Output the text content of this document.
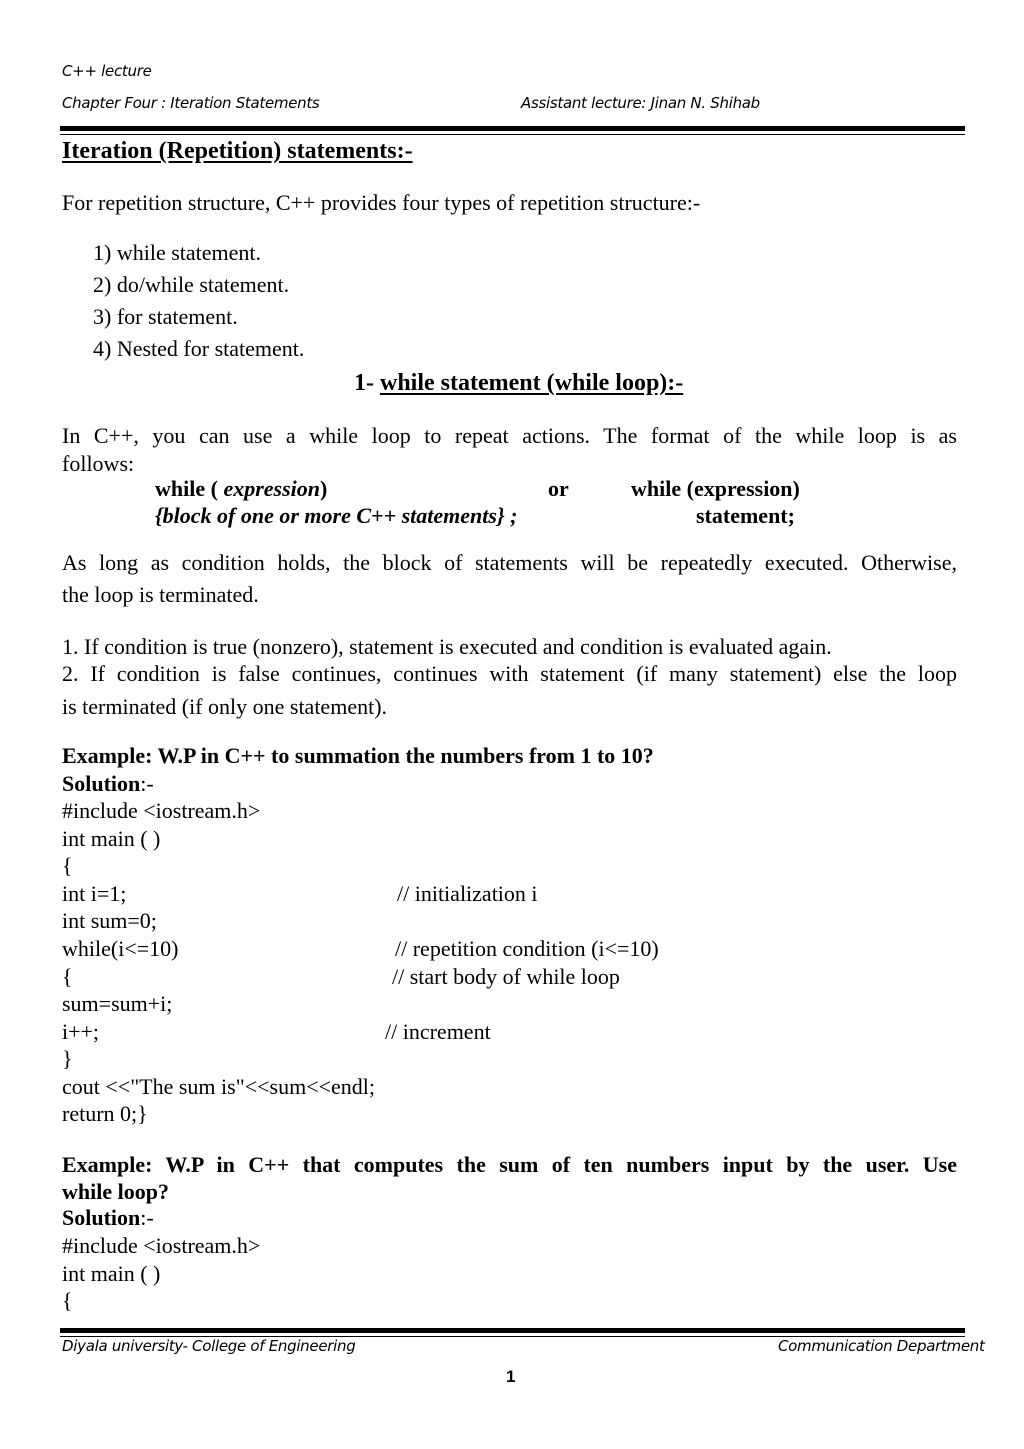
C++ lecture
Chapter Four : Iteration Statements	Assistant lecture: Jinan N. Shihab
Iteration (Repetition) statements:-
For repetition structure, C++ provides four types of repetition structure:-
1) while statement.
2) do/while statement.
3) for statement.
4) Nested for statement.
1- while statement (while loop):-
In C++, you can use a while loop to repeat actions. The format of the while loop is as
follows:
while ( expression)	or	while (expression)
{block of one or more C++ statements} ;	statement;
As long as condition holds, the block of statements will be repeatedly executed. Otherwise,
the loop is terminated.
1. If condition is true (nonzero), statement is executed and condition is evaluated again.
2. If condition is false continues, continues with statement (if many statement) else the loop
is terminated (if only one statement).
Example: W.P in C++ to summation the numbers from 1 to 10?
Solution:-
#include <iostream.h>
int main ( )
{
int i=1;	// initialization i
int sum=0;
while(i<=10)	// repetition condition (i<=10)
{	// start body of while loop
sum=sum+i;
i++;	// increment
}
cout <<"The sum is"<<sum<<endl;
return 0;}
Example: W.P in C++ that computes the sum of ten numbers input by the user. Use
while loop?
Solution:-
#include <iostream.h>
int main ( )
{
Diyala university- College of Engineering	Communication Department
1
